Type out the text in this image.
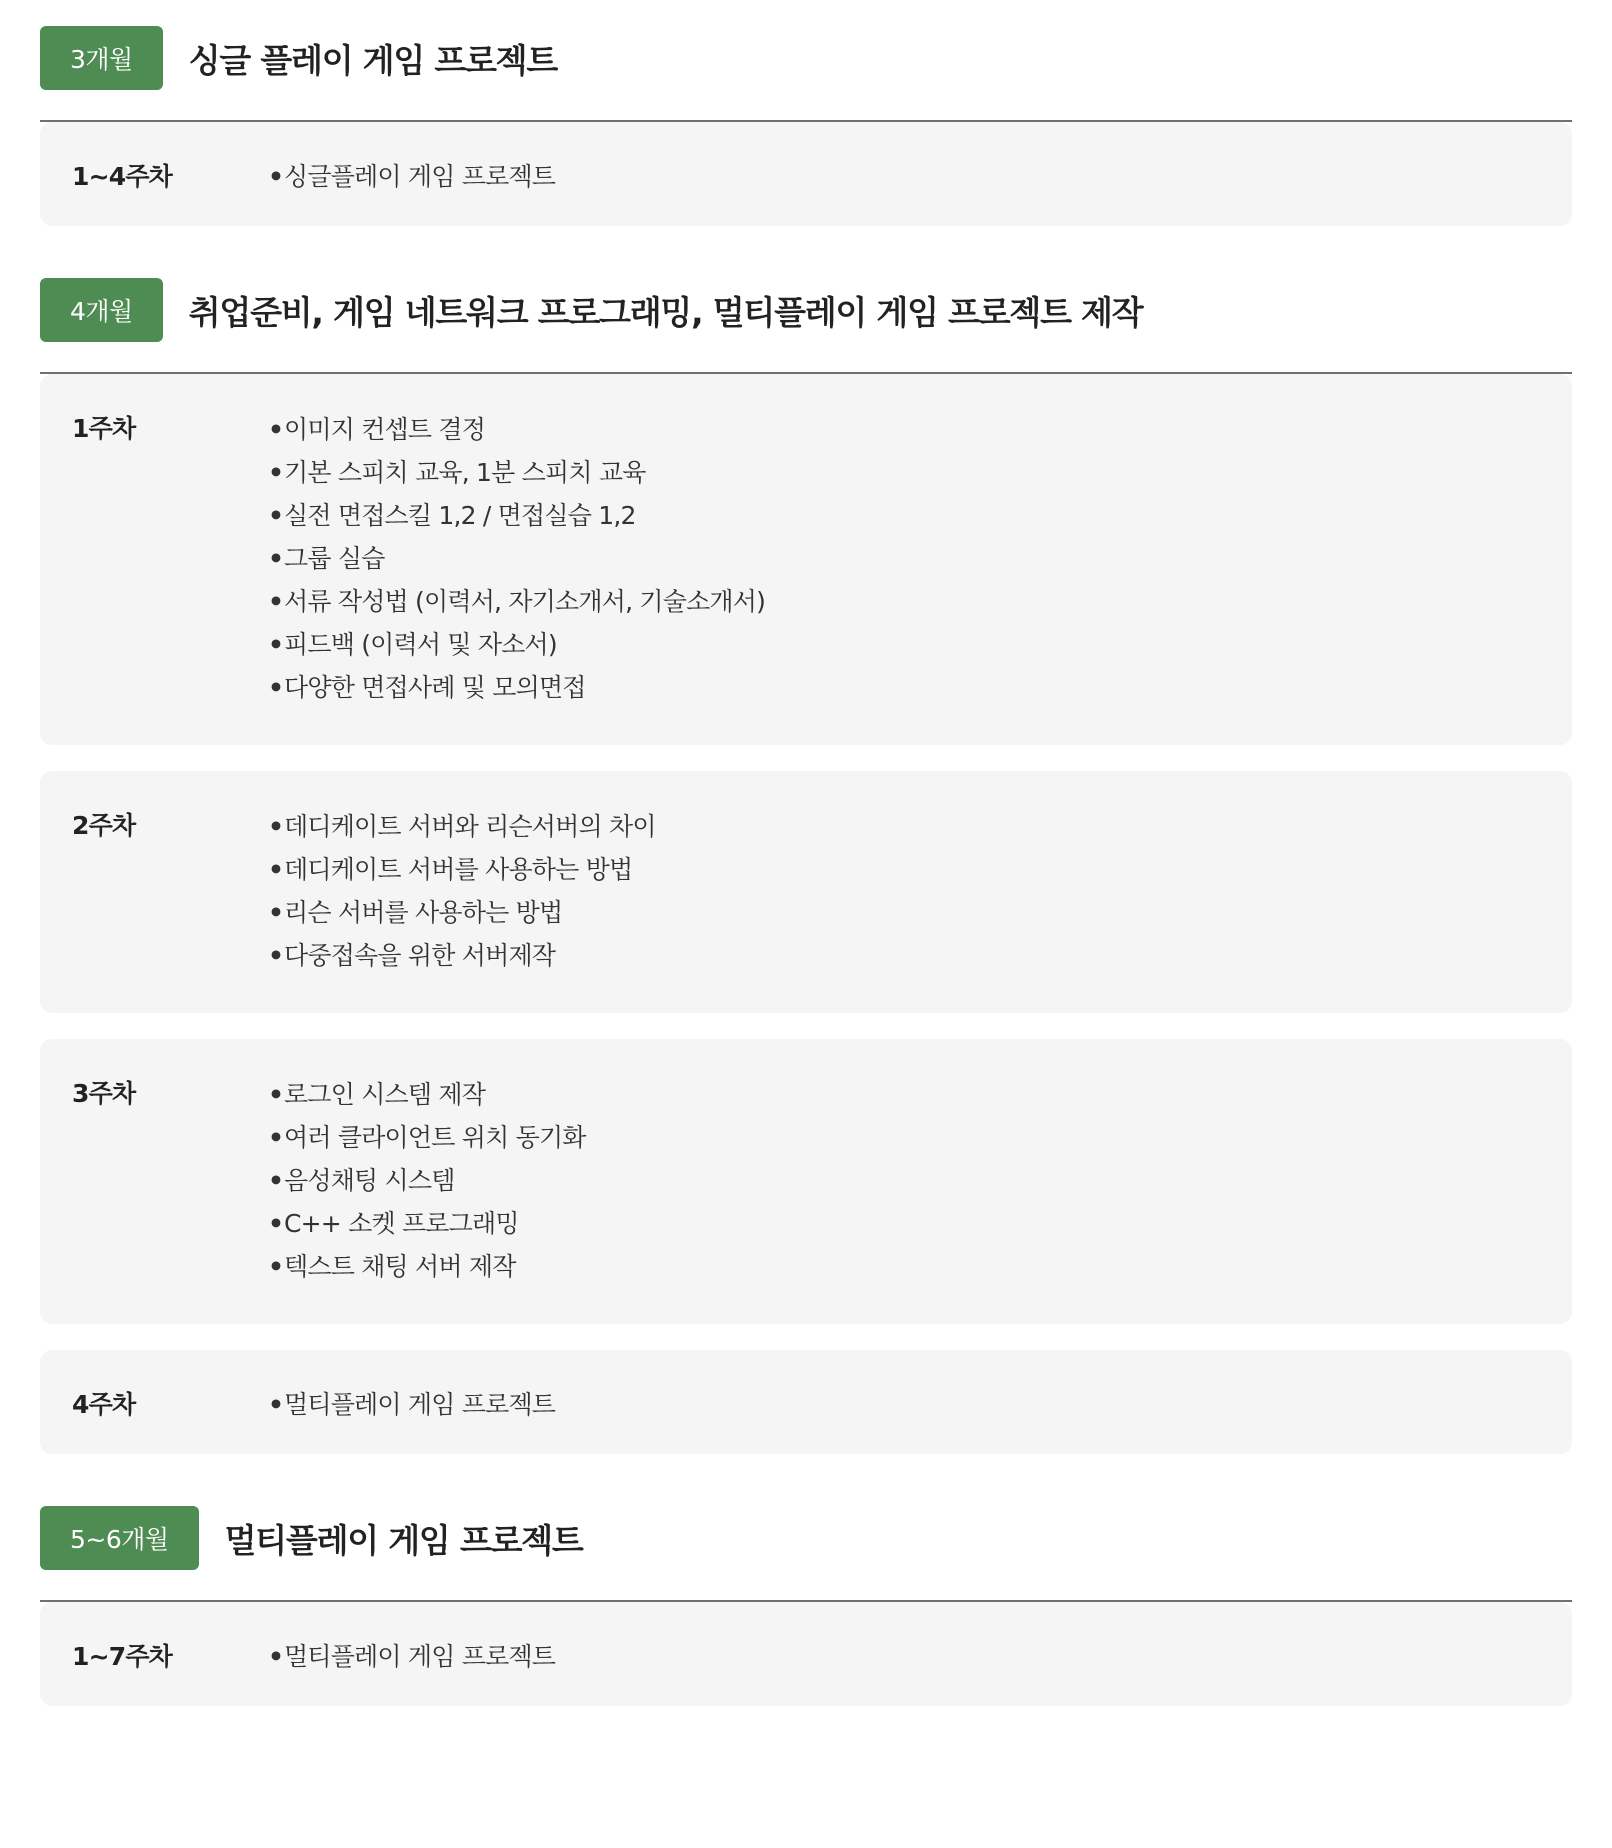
3개월	싱글 플레이 게임 프로젝트
1~4주차	•싱글플레이 게임 프로젝트
4개월	취업준비, 게임 네트워크 프로그래밍, 멀티플레이 게임 프로젝트 제작
1주차	•이미지 컨셉트 결정
•기본 스피치 교육, 1분 스피치 교육
•실전 면접스킬 1,2 / 면접실습 1,2
•그룹 실습
•서류 작성법 (이력서, 자기소개서, 기술소개서)
•피드백 (이력서 및 자소서)
•다양한 면접사례 및 모의면접
2주차	•데디케이트 서버와 리슨서버의 차이
•데디케이트 서버를 사용하는 방법
•리슨 서버를 사용하는 방법
•다중접속을 위한 서버제작
3주차	•로그인 시스템 제작
•여러 클라이언트 위치 동기화
•음성채팅 시스템
•C++ 소켓 프로그래밍
•텍스트 채팅 서버 제작
4주차	•멀티플레이 게임 프로젝트
5~6개월	멀티플레이 게임 프로젝트
1~7주차	•멀티플레이 게임 프로젝트
